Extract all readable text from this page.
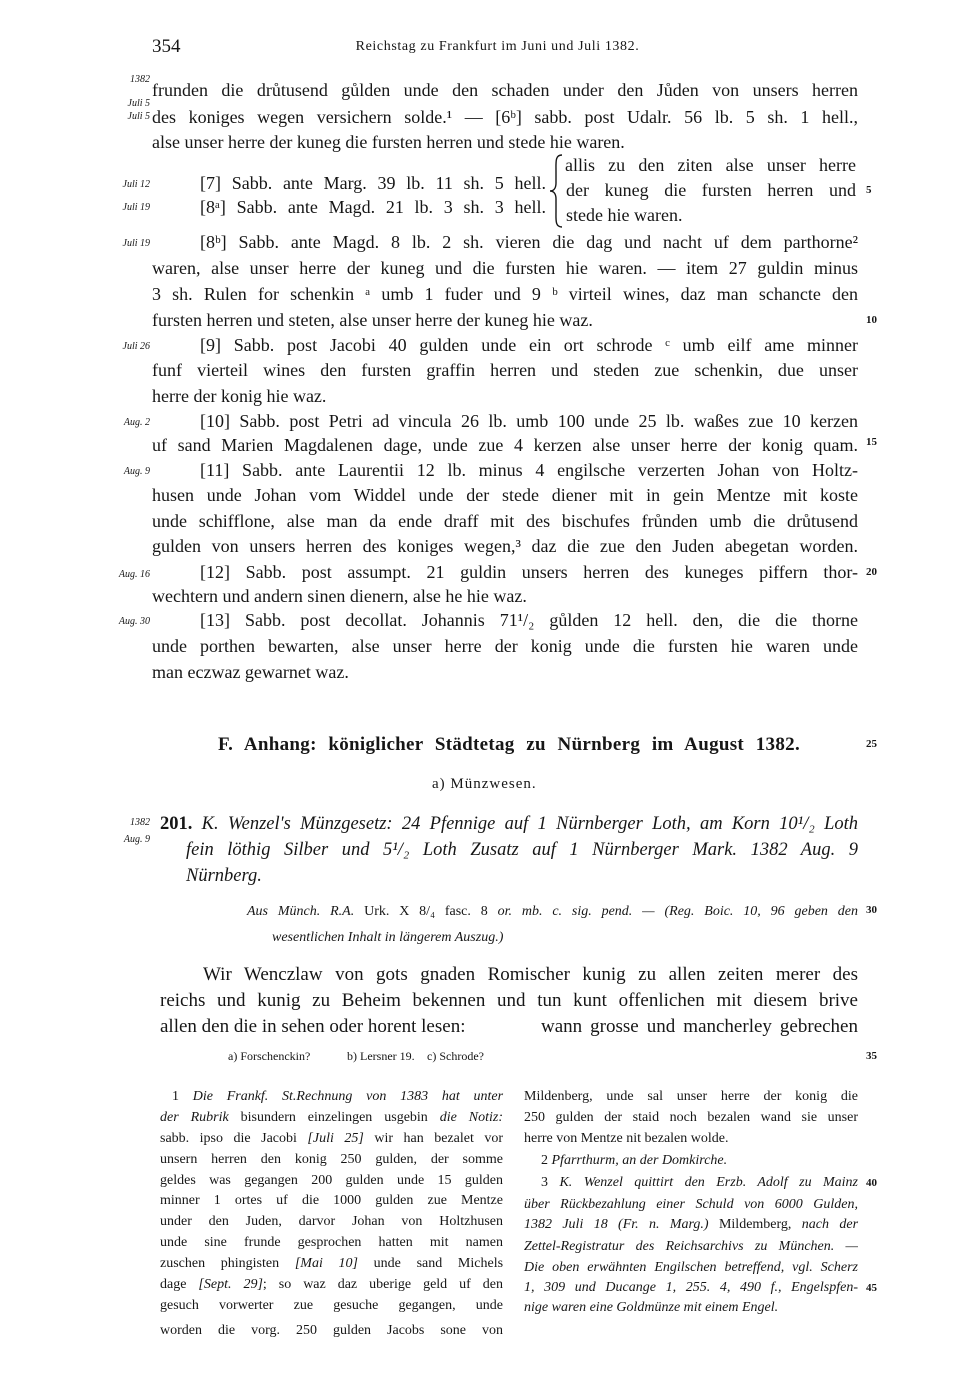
354	Reichstag zu Frankfurt im Juni und Juli 1382.
1382
Juli 5
Juli 5
Juli 12
Juli 19
Juli 19
Juli 26
Aug. 2
Aug. 9
Aug. 16
Aug. 30
frunden die drůtusend gůlden unde den schaden under den Jůden von unsers herren
des koniges wegen versichern solde.¹ — [6ᵇ] sabb. post Udalr. 56 lb. 5 sh. 1 hell.,
alse unser herre der kuneg die fursten herren und stede hie waren.
[7] Sabb. ante Marg. 39 lb. 11 sh. 5 hell.
[8ᵃ] Sabb. ante Magd. 21 lb. 3 sh. 3 hell.
allis zu den ziten alse unser herre
der kuneg die fursten herren und
stede hie waren.
[8ᵇ] Sabb. ante Magd. 8 lb. 2 sh. vieren die dag und nacht uf dem parthorne²
waren, alse unser herre der kuneg und die fursten hie waren. — item 27 guldin minus
3 sh. Rulen for schenkin ᵃ umb 1 fuder und 9 ᵇ virteil wines, daz man schancte den
fursten herren und steten, alse unser herre der kuneg hie waz.
[9] Sabb. post Jacobi 40 gulden unde ein ort schrode ᶜ umb eilf ame minner
funf vierteil wines den fursten graffin herren und steden zue schenkin, due unser
herre der konig hie waz.
[10] Sabb. post Petri ad vincula 26 lb. umb 100 unde 25 lb. waßes zue 10 kerzen
uf sand Marien Magdalenen dage, unde zue 4 kerzen alse unser herre der konig quam.
[11] Sabb. ante Laurentii 12 lb. minus 4 engilsche verzerten Johan von Holtz-
husen unde Johan vom Widdel unde der stede diener mit in gein Mentze mit koste
unde schifflone, alse man da ende draff mit des bischufes frůnden umb die drůtusend
gulden von unsers herren des koniges wegen,³ daz die zue den Juden abegetan worden.
[12] Sabb. post assumpt. 21 guldin unsers herren des kuneges piffern thor-
wechtern und andern sinen dienern, alse he hie waz.
[13] Sabb. post decollat. Johannis 71¹/₂ gůlden 12 hell. den, die die thorne
unde porthen bewarten, alse unser herre der konig unde die fursten hie waren unde
man eczwaz gewarnet waz.
5
10
15
20
25
30
35
40
45
F. Anhang: königlicher Städtetag zu Nürnberg im August 1382.
a) Münzwesen.
1382
Aug. 9
201. K. Wenzel's Münzgesetz: 24 Pfennige auf 1 Nürnberger Loth, am Korn 10¹/₂ Loth
fein löthig Silber und 5¹/₂ Loth Zusatz auf 1 Nürnberger Mark. 1382 Aug. 9
Nürnberg.
Aus Münch. R.A. Urk. X 8/₄ fasc. 8 or. mb. c. sig. pend. — (Reg. Boic. 10, 96 geben den
wesentlichen Inhalt in längerem Auszug.)
Wir Wenczlaw von gots gnaden Romischer kunig zu allen zeiten merer des
reichs und kunig zu Beheim bekennen und tun kunt offenlichen mit diesem brive
allen den die in sehen oder horent lesen:	wann grosse und mancherley gebrechen
a) Forschenckin?	b) Lersner 19. c) Schrode?
1 Die Frankf. St.Rechnung von 1383 hat unter
der Rubrik bisundern einzelingen usgebin die Notiz:
sabb. ipso die Jacobi [Juli 25] wir han bezalet vor
unsern herren den konig 250 gulden, der somme
geldes was gegangen 200 gulden unde 15 gulden
minner 1 ortes uf die 1000 gulden zue Mentze
under den Juden, darvor Johan von Holtzhusen
unde sine frunde gesprochen hatten mit namen
zuschen phingisten [Mai 10] unde sand Michels
dage [Sept. 29]; so waz daz uberige geld uf den
gesuch vorwerter zue gesuche gegangen, unde
worden die vorg. 250 gulden Jacobs sone von
Mildenberg, unde sal unser herre der konig die
250 gulden der staid noch bezalen wand sie unser
herre von Mentze nit bezalen wolde.
2 Pfarrthurm, an der Domkirche.
3 K. Wenzel quittirt den Erzb. Adolf zu Mainz
über Rückbezahlung einer Schuld von 6000 Gulden,
1382 Juli 18 (Fr. n. Marg.) Mildemberg, nach der
Zettel-Registratur des Reichsarchivs zu München. —
Die oben erwähnten Engilschen betreffend, vgl. Scherz
1, 309 und Ducange 1, 255. 4, 490 f., Engelspfen-
nige waren eine Goldmünze mit einem Engel.
